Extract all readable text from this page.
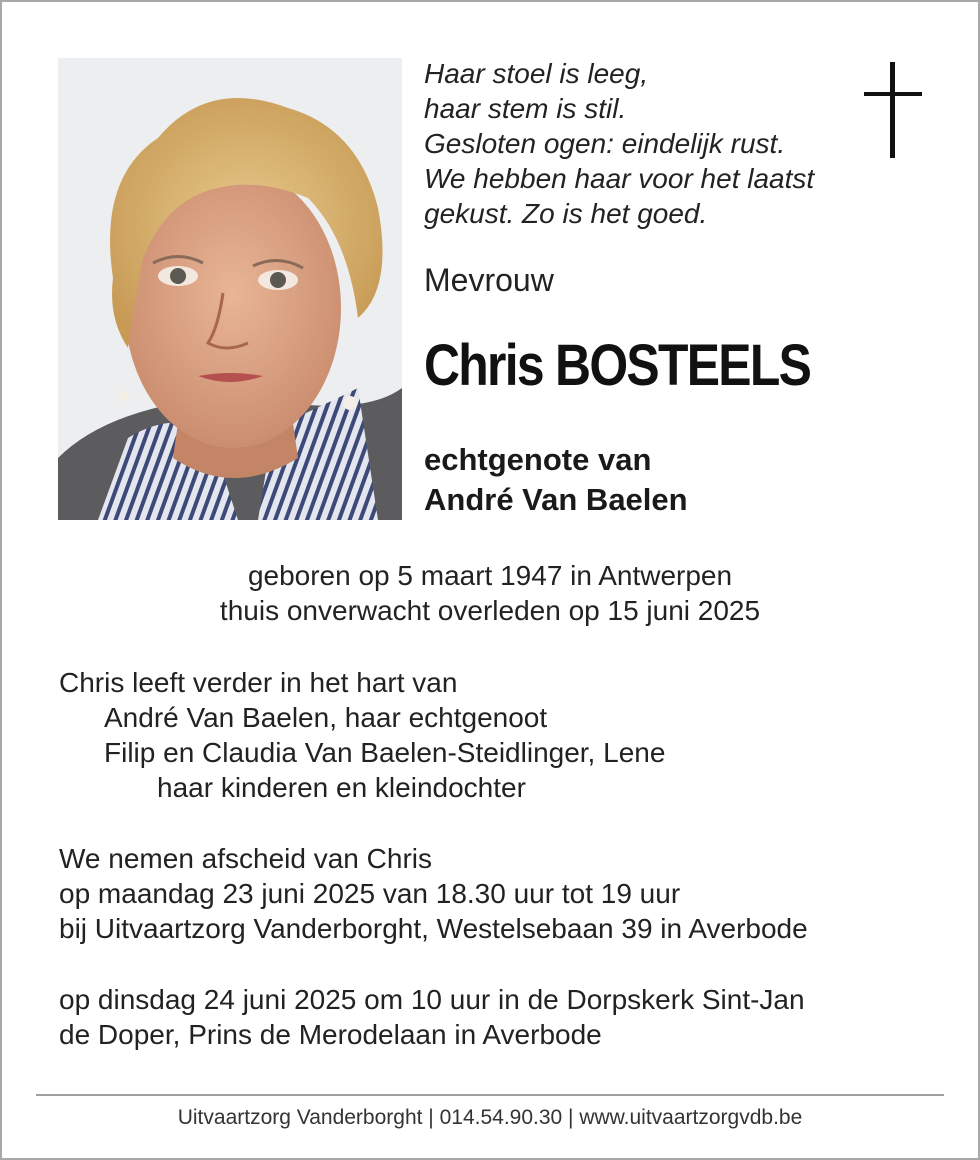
Haar stoel is leeg,
haar stem is stil.
Gesloten ogen: eindelijk rust.
We hebben haar voor het laatst
gekust. Zo is het goed.
Mevrouw
Chris BOSTEELS
echtgenote van
André Van Baelen
geboren op 5 maart 1947 in Antwerpen
thuis onverwacht overleden op 15 juni 2025
Chris leeft verder in het hart van
André Van Baelen, haar echtgenoot
Filip en Claudia Van Baelen-Steidlinger, Lene
haar kinderen en kleindochter
We nemen afscheid van Chris
op maandag 23 juni 2025 van 18.30 uur tot 19 uur
bij Uitvaartzorg Vanderborght, Westelsebaan 39 in Averbode
op dinsdag 24 juni 2025 om 10 uur in de Dorpskerk Sint-Jan
de Doper, Prins de Merodelaan in Averbode
Uitvaartzorg Vanderborght | 014.54.90.30 | www.uitvaartzorgvdb.be
